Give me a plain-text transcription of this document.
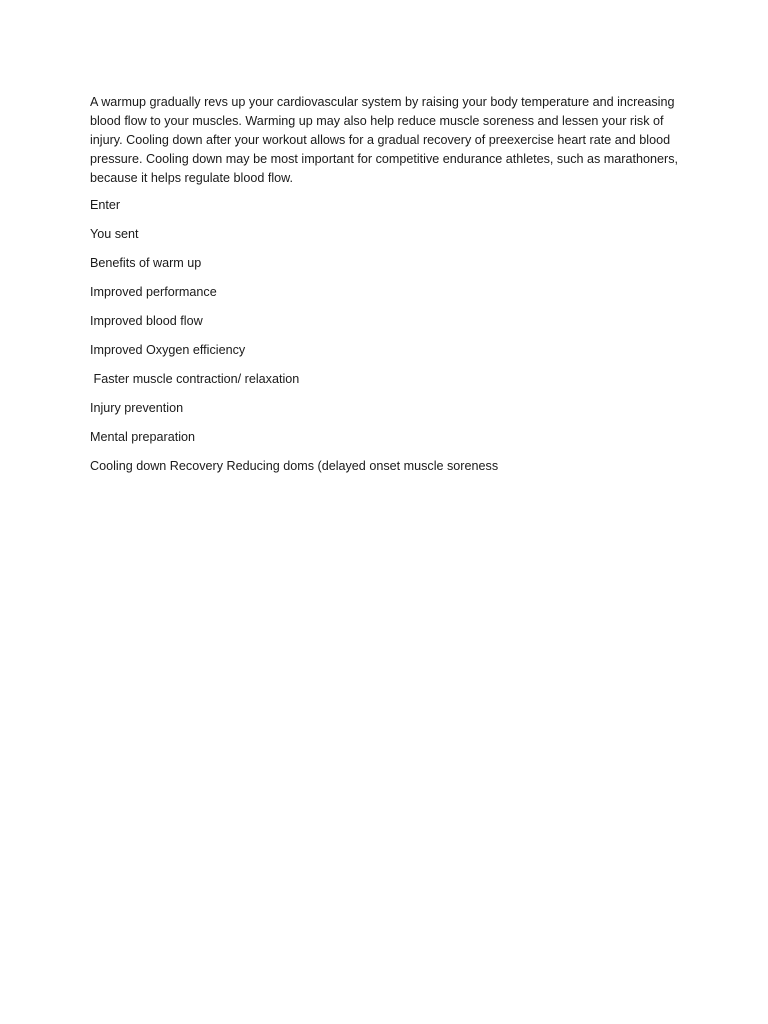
A warmup gradually revs up your cardiovascular system by raising your body temperature and increasing blood flow to your muscles. Warming up may also help reduce muscle soreness and lessen your risk of injury. Cooling down after your workout allows for a gradual recovery of preexercise heart rate and blood pressure. Cooling down may be most important for competitive endurance athletes, such as marathoners, because it helps regulate blood flow.

Enter

You sent

Benefits of warm up

Improved performance

Improved blood flow

Improved Oxygen efficiency

Faster muscle contraction/ relaxation

Injury prevention

Mental preparation

Cooling down Recovery Reducing doms (delayed onset muscle soreness
